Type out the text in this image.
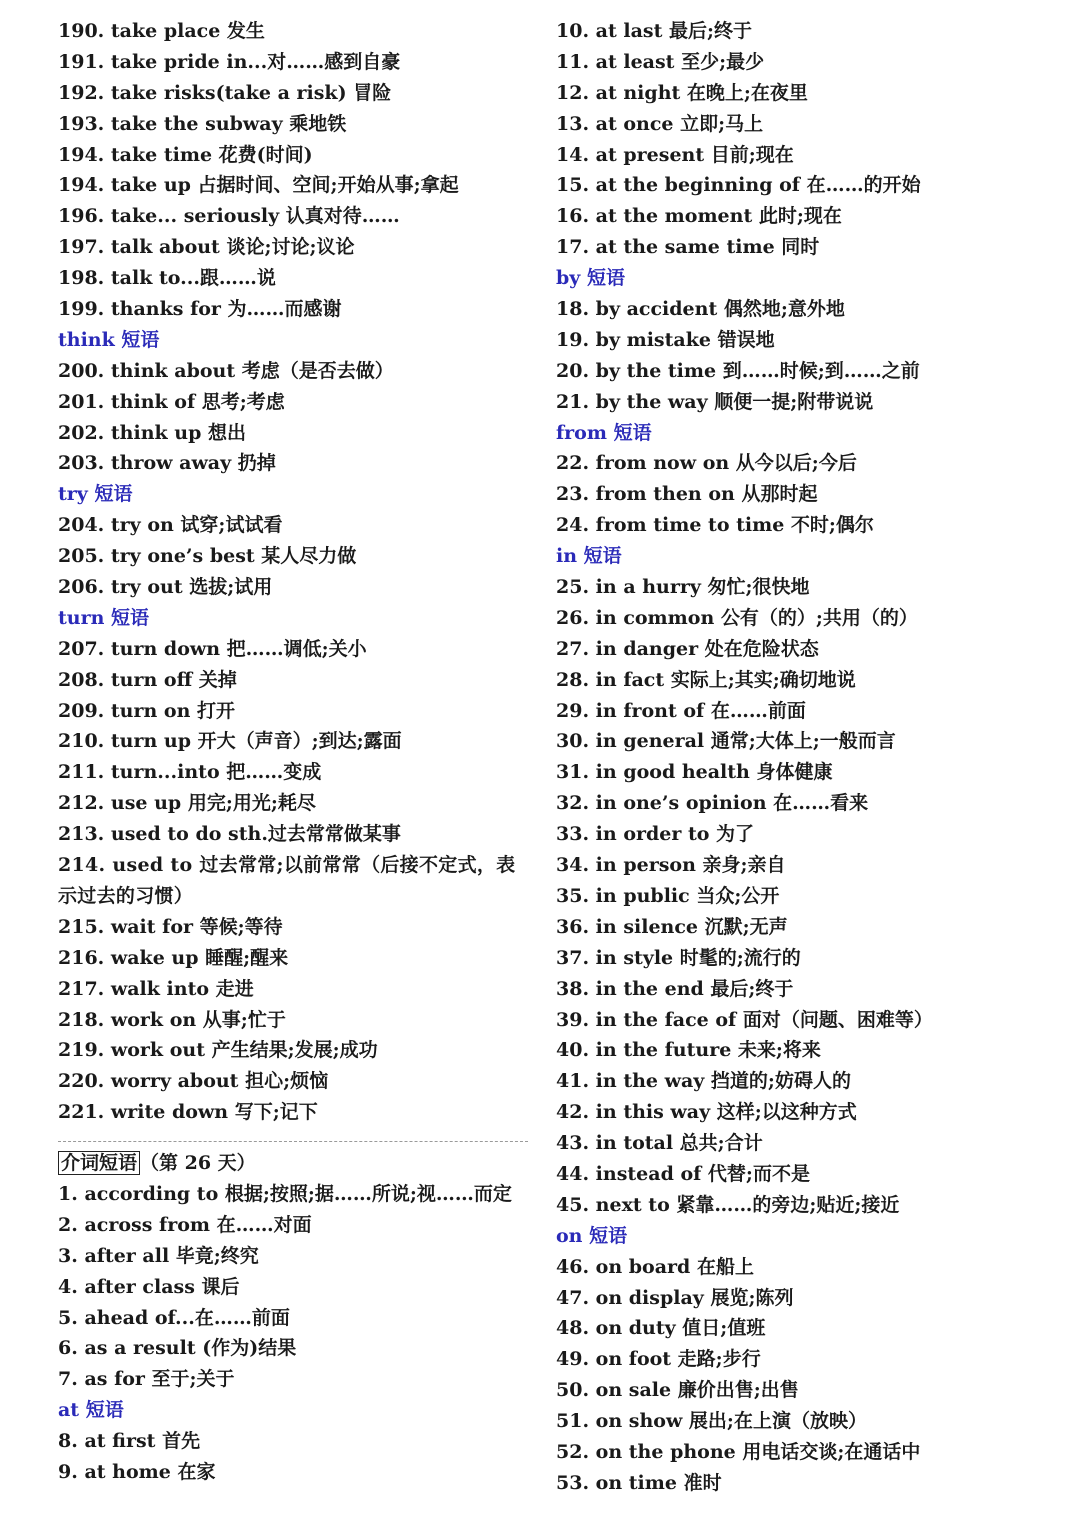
190. take place 发生
191. take pride in...对……感到自豪
192. take risks(take a risk) 冒险
193. take the subway 乘地铁
194. take time 花费(时间)
194. take up 占据时间、空间;开始从事;拿起
196. take... seriously 认真对待……
197. talk about 谈论;讨论;议论
198. talk to...跟……说
199. thanks for 为……而感谢
think 短语
200. think about 考虑（是否去做）
201. think of 思考;考虑
202. think up 想出
203. throw away 扔掉
try 短语
204. try on 试穿;试试看
205. try one’s best 某人尽力做
206. try out 选拔;试用
turn 短语
207. turn down 把……调低;关小
208. turn off 关掉
209. turn on 打开
210. turn up 开大（声音）;到达;露面
211. turn...into 把……变成
212. use up 用完;用光;耗尽
213. used to do sth.过去常常做某事
214. used to 过去常常;以前常常（后接不定式，表示过去的习惯）
215. wait for 等候;等待
216. wake up 睡醒;醒来
217. walk into 走进
218. work on 从事;忙于
219. work out 产生结果;发展;成功
220. worry about 担心;烦恼
221. write down 写下;记下
介词短语 （第 26 天）
1. according to 根据;按照;据……所说;视……而定
2. across from 在……对面
3. after all 毕竟;终究
4. after class 课后
5. ahead of...在……前面
6. as a result (作为)结果
7. as for 至于;关于
at 短语
8. at first 首先
9. at home 在家
10. at last 最后;终于
11. at least 至少;最少
12. at night 在晚上;在夜里
13. at once 立即;马上
14. at present 目前;现在
15. at the beginning of 在……的开始
16. at the moment 此时;现在
17. at the same time 同时
by 短语
18. by accident 偶然地;意外地
19. by mistake 错误地
20. by the time 到……时候;到……之前
21. by the way 顺便一提;附带说说
from 短语
22. from now on 从今以后;今后
23. from then on 从那时起
24. from time to time 不时;偶尔
in 短语
25. in a hurry 匆忙;很快地
26. in common 公有（的）;共用（的）
27. in danger 处在危险状态
28. in fact 实际上;其实;确切地说
29. in front of 在……前面
30. in general 通常;大体上;一般而言
31. in good health 身体健康
32. in one’s opinion 在……看来
33. in order to 为了
34. in person 亲身;亲自
35. in public 当众;公开
36. in silence 沉默;无声
37. in style 时髦的;流行的
38. in the end 最后;终于
39. in the face of 面对（问题、困难等）
40. in the future 未来;将来
41. in the way 挡道的;妨碍人的
42. in this way 这样;以这种方式
43. in total 总共;合计
44. instead of 代替;而不是
45. next to 紧靠……的旁边;贴近;接近
on 短语
46. on board 在船上
47. on display 展览;陈列
48. on duty 值日;值班
49. on foot 走路;步行
50. on sale 廉价出售;出售
51. on show 展出;在上演（放映）
52. on the phone 用电话交谈;在通话中
53. on time 准时
